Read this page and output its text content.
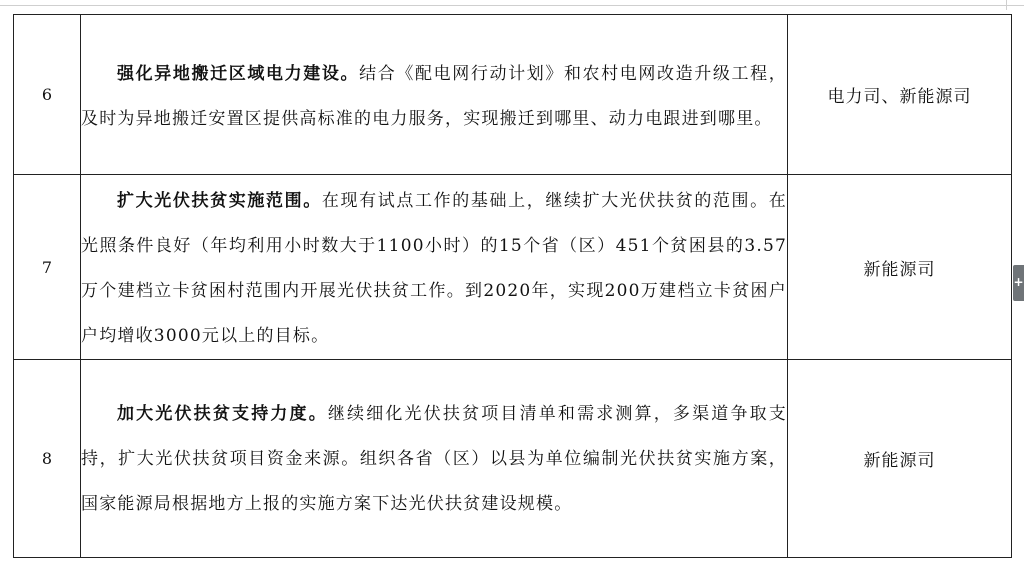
6	强化异地搬迁区域电力建设。结合《配电网行动计划》和农村电网改造升级工程，及时为异地搬迁安置区提供高标准的电力服务，实现搬迁到哪里、动力电跟进到哪里。	电力司、新能源司
7	扩大光伏扶贫实施范围。在现有试点工作的基础上，继续扩大光伏扶贫的范围。在光照条件良好（年均利用小时数大于1100小时）的15个省（区）451个贫困县的3.57万个建档立卡贫困村范围内开展光伏扶贫工作。到2020年，实现200万建档立卡贫困户户均增收3000元以上的目标。	新能源司
8	加大光伏扶贫支持力度。继续细化光伏扶贫项目清单和需求测算，多渠道争取支持，扩大光伏扶贫项目资金来源。组织各省（区）以县为单位编制光伏扶贫实施方案，国家能源局根据地方上报的实施方案下达光伏扶贫建设规模。	新能源司
+
